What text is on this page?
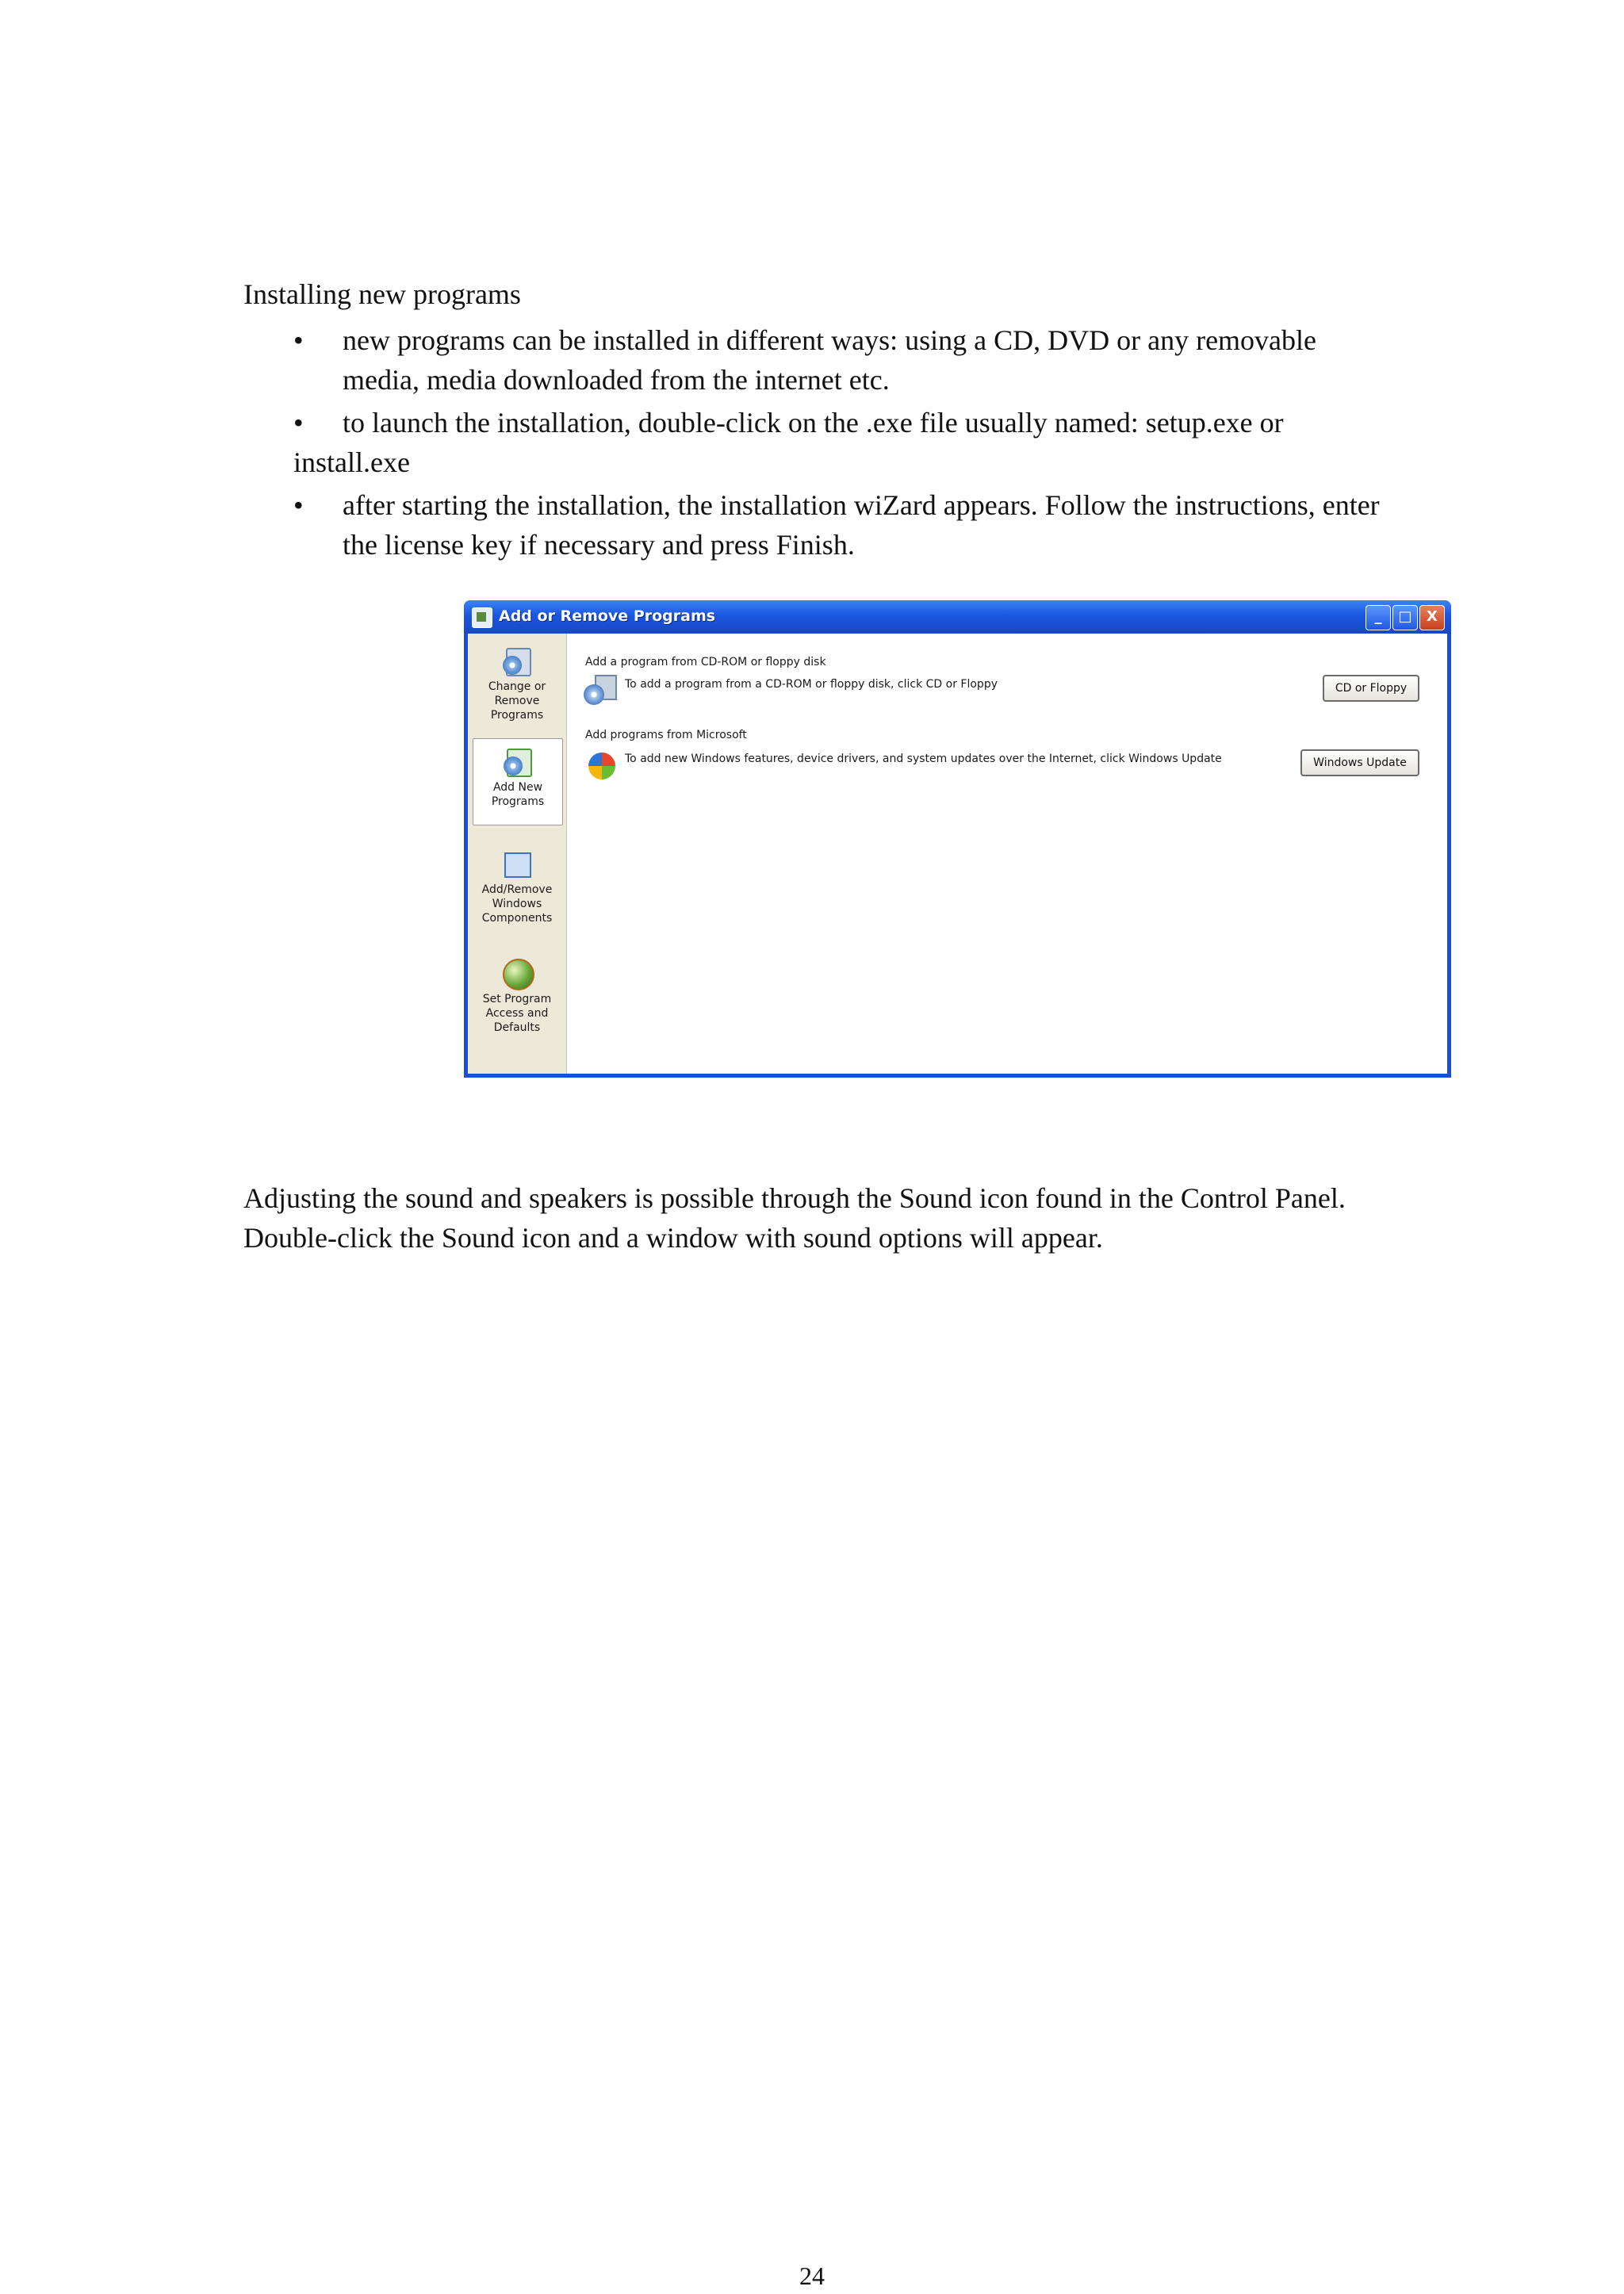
Installing new programs
• new programs can be installed in different ways: using a CD, DVD or any removable media, media downloaded from the internet etc.
• to launch the installation, double-click on the .exe file usually named: setup.exe or install.exe
• after starting the installation, the installation wiZard appears. Follow the instructions, enter the license key if necessary and press Finish.
Add or Remove Programs	_	□	X
Change or Remove Programs
Add New Programs
Add/Remove Windows Components
Set Program Access and Defaults
Add a program from CD-ROM or floppy disk
To add a program from a CD-ROM or floppy disk, click CD or Floppy	CD or Floppy
Add programs from Microsoft
To add new Windows features, device drivers, and system updates over the Internet, click Windows Update	Windows Update
Adjusting the sound and speakers is possible through the Sound icon found in the Control Panel. Double-click the Sound icon and a window with sound options will appear.
24
